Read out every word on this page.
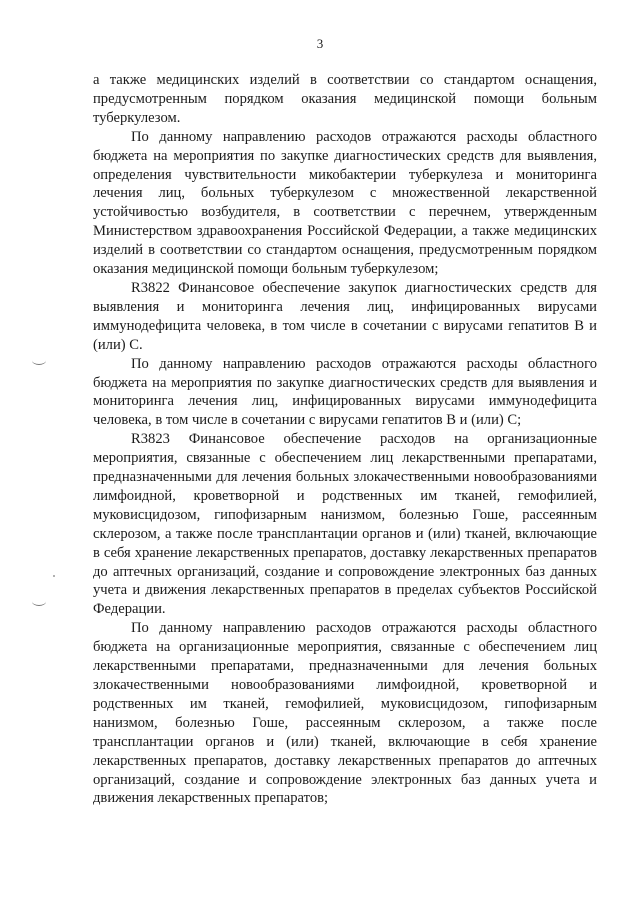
3

а также медицинских изделий в соответствии со стандартом оснащения, предусмотренным порядком оказания медицинской помощи больным туберкулезом.

По данному направлению расходов отражаются расходы областного бюджета на мероприятия по закупке диагностических средств для выявления, определения чувствительности микобактерии туберкулеза и мониторинга лечения лиц, больных туберкулезом с множественной лекарственной устойчивостью возбудителя, в соответствии с перечнем, утвержденным Министерством здравоохранения Российской Федерации, а также медицинских изделий в соответствии со стандартом оснащения, предусмотренным порядком оказания медицинской помощи больным туберкулезом;

R3822 Финансовое обеспечение закупок диагностических средств для выявления и мониторинга лечения лиц, инфицированных вирусами иммунодефицита человека, в том числе в сочетании с вирусами гепатитов В и (или) С.

По данному направлению расходов отражаются расходы областного бюджета на мероприятия по закупке диагностических средств для выявления и мониторинга лечения лиц, инфицированных вирусами иммунодефицита человека, в том числе в сочетании с вирусами гепатитов В и (или) С;

R3823 Финансовое обеспечение расходов на организационные мероприятия, связанные с обеспечением лиц лекарственными препаратами, предназначенными для лечения больных злокачественными новообразованиями лимфоидной, кроветворной и родственных им тканей, гемофилией, муковисцидозом, гипофизарным нанизмом, болезнью Гоше, рассеянным склерозом, а также после трансплантации органов и (или) тканей, включающие в себя хранение лекарственных препаратов, доставку лекарственных препаратов до аптечных организаций, создание и сопровождение электронных баз данных учета и движения лекарственных препаратов в пределах субъектов Российской Федерации.

По данному направлению расходов отражаются расходы областного бюджета на организационные мероприятия, связанные с обеспечением лиц лекарственными препаратами, предназначенными для лечения больных злокачественными новообразованиями лимфоидной, кроветворной и родственных им тканей, гемофилией, муковисцидозом, гипофизарным нанизмом, болезнью Гоше, рассеянным склерозом, а также после трансплантации органов и (или) тканей, включающие в себя хранение лекарственных препаратов, доставку лекарственных препаратов до аптечных организаций, создание и сопровождение электронных баз данных учета и движения лекарственных препаратов;
